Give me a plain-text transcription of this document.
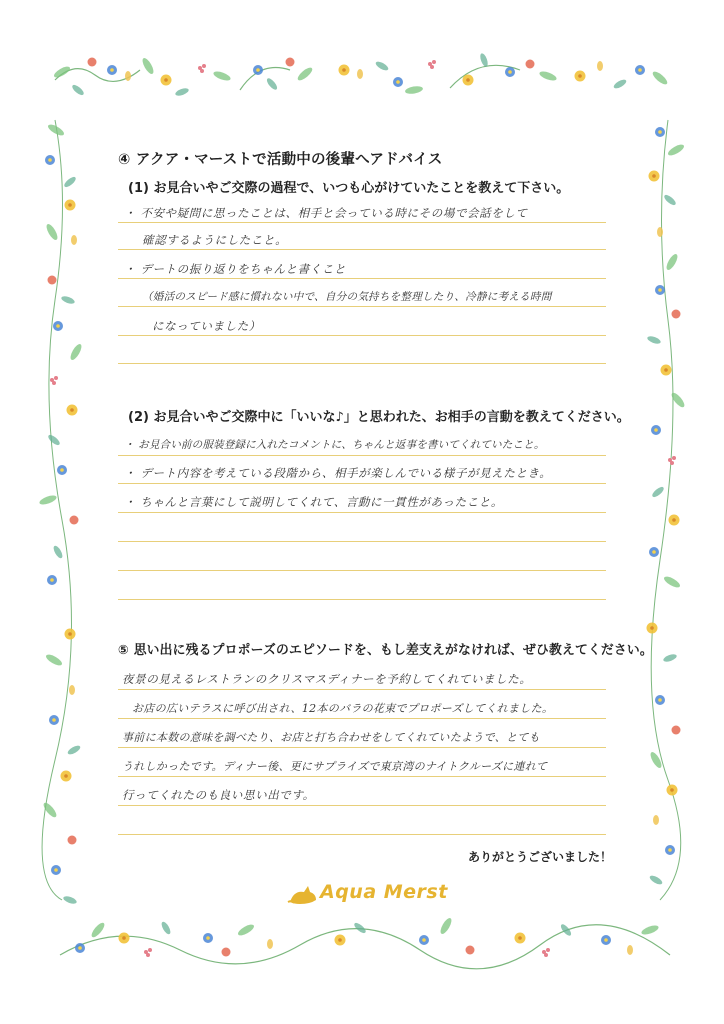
④ アクア・マーストで活動中の後輩へアドバイス
(1) お見合いやご交際の過程で、いつも心がけていたことを教えて下さい。
・ 不安や疑問に思ったことは、相手と会っている時にその場で会話をして
確認するようにしたこと。
・ デートの振り返りをちゃんと書くこと
（婚活のスピード感に慣れない中で、自分の気持ちを整理したり、冷静に考える時間
になっていました）
(2) お見合いやご交際中に「いいな♪」と思われた、お相手の言動を教えてください。
・ お見合い前の服装登録に入れたコメントに、ちゃんと返事を書いてくれていたこと。
・ デート内容を考えている段階から、相手が楽しんでいる様子が見えたとき。
・ ちゃんと言葉にして説明してくれて、言動に一貫性があったこと。
⑤ 思い出に残るプロポーズのエピソードを、もし差支えがなければ、ぜひ教えてください。
夜景の見えるレストランのクリスマスディナーを予約してくれていました。
お店の広いテラスに呼び出され、12本のバラの花束でプロポーズしてくれました。
事前に本数の意味を調べたり、お店と打ち合わせをしてくれていたようで、とても
うれしかったです。ディナー後、更にサプライズで東京湾のナイトクルーズに連れて
行ってくれたのも良い思い出です。
ありがとうございました！
Aqua Merst
